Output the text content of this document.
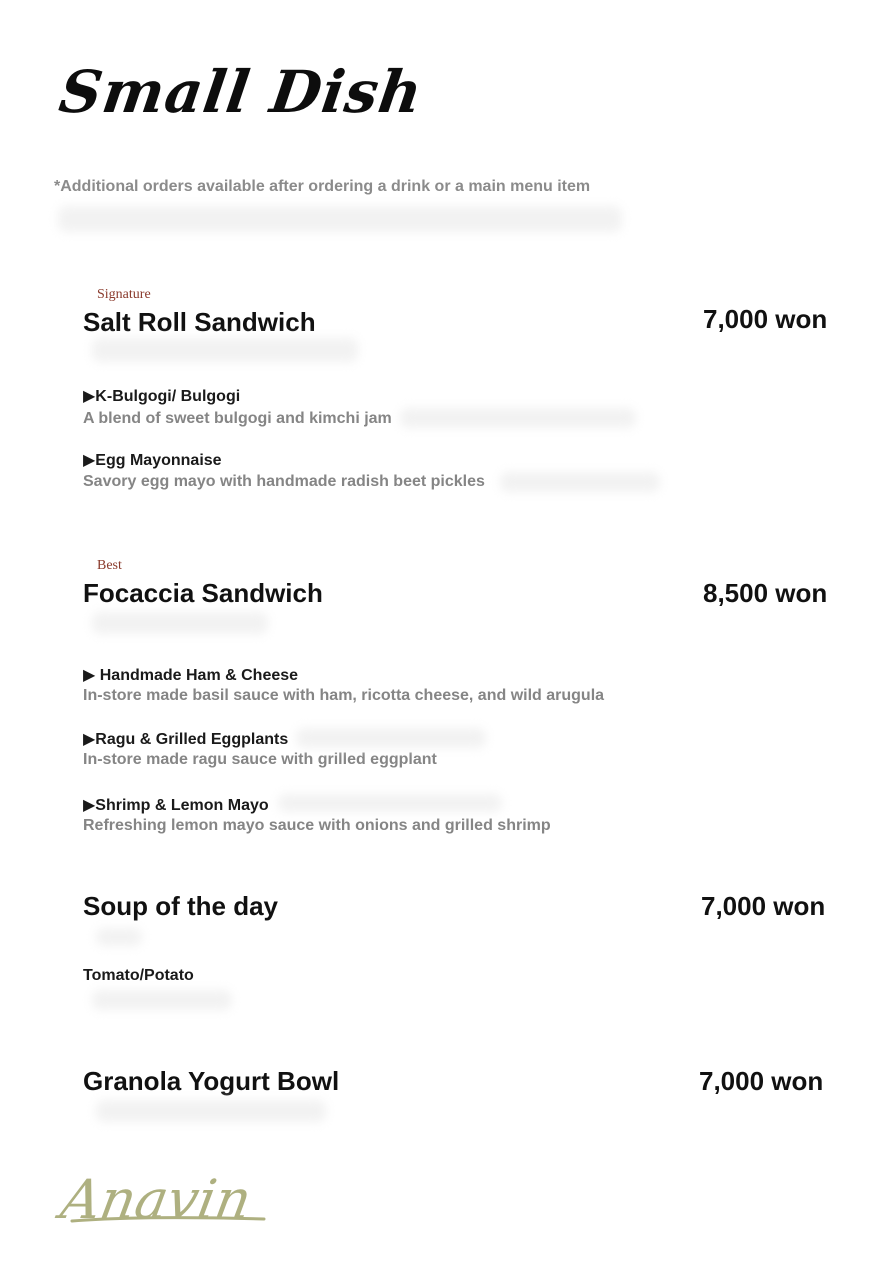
Small Dish
*Additional orders available after ordering a drink or a main menu item
Signature
Salt Roll Sandwich	7,000 won
▶K-Bulgogi/ Bulgogi
A blend of sweet bulgogi and kimchi jam
▶Egg Mayonnaise
Savory egg mayo with handmade radish beet pickles
Best
Focaccia Sandwich	8,500 won
▶ Handmade Ham & Cheese
In-store made basil sauce with ham, ricotta cheese, and wild arugula
▶Ragu & Grilled Eggplants
In-store made ragu sauce with grilled eggplant
▶Shrimp & Lemon Mayo
Refreshing lemon mayo sauce with onions and grilled shrimp
Soup of the day	7,000 won
Tomato/Potato
Granola Yogurt Bowl	7,000 won
Anavin
